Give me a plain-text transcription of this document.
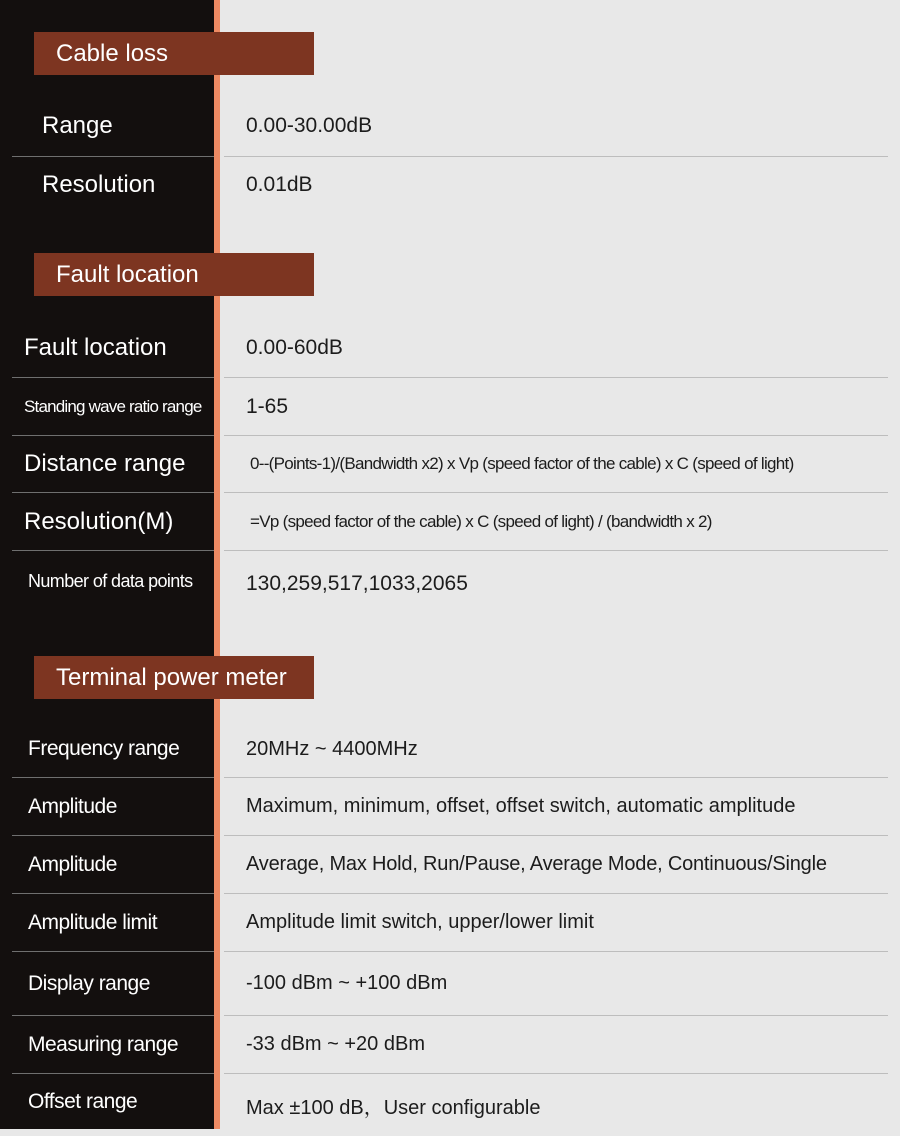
Cable loss
Range	0.00-30.00dB
Resolution	0.01dB
Fault location
Fault location	0.00-60dB
Standing wave ratio range	1-65
Distance range	0--(Points-1)/(Bandwidth x2) x Vp (speed factor of the cable) x C (speed of light)
Resolution(M)	=Vp (speed factor of the cable) x C (speed of light) / (bandwidth x 2)
Number of data points	130,259,517,1033,2065
Terminal power meter
Frequency range	20MHz ~ 4400MHz
Amplitude	Maximum, minimum, offset, offset switch, automatic amplitude
Amplitude	Average, Max Hold, Run/Pause, Average Mode, Continuous/Single
Amplitude limit	Amplitude limit switch, upper/lower limit
Display range	-100 dBm ~ +100 dBm
Measuring range	-33 dBm ~ +20 dBm
Offset range	Max ±100 dB，User configurable
